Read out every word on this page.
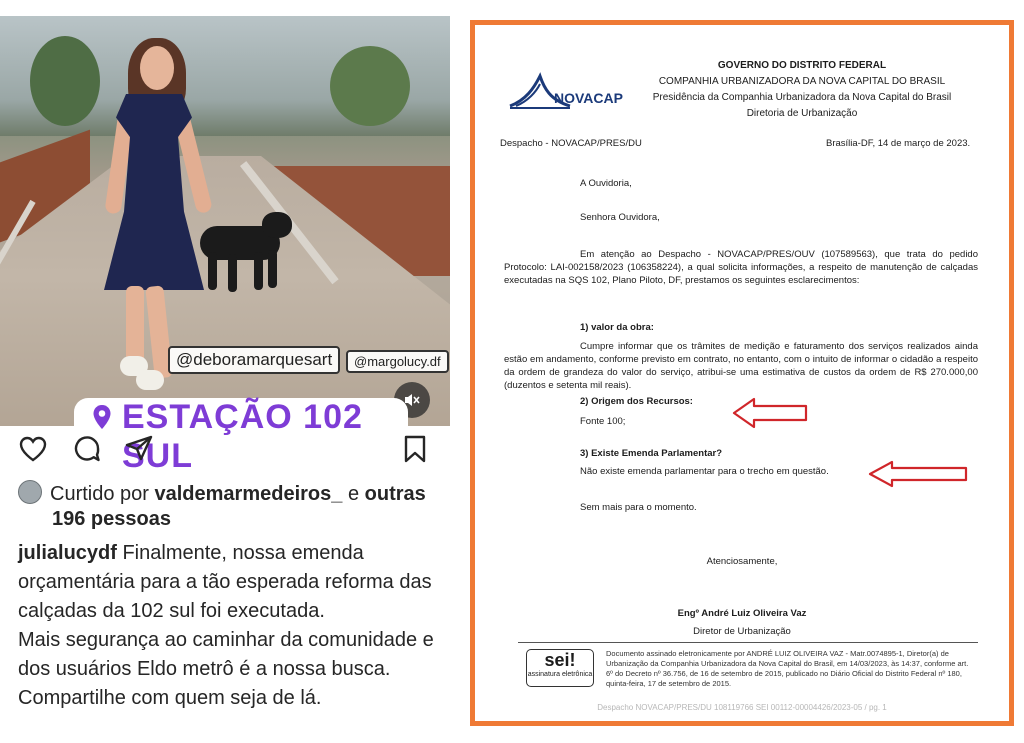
@deboramarquesart	@margolucy.df
ESTAÇÃO 102 SUL
Curtido por valdemarmedeiros_ e outras
196 pessoas

julialucydf Finalmente, nossa emenda

orçamentária para a tão esperada reforma das

calçadas da 102 sul foi executada.

Mais segurança ao caminhar da comunidade e

dos usuários Eldo metrô é a nossa busca.

Compartilhe com quem seja de lá.

NOVACAP
GOVERNO DO DISTRITO FEDERAL
COMPANHIA URBANIZADORA DA NOVA CAPITAL DO BRASIL
Presidência da Companhia Urbanizadora da Nova Capital do Brasil
Diretoria de Urbanização
Despacho - NOVACAP/PRES/DU	Brasília-DF, 14 de março de 2023.
A Ouvidoria,
Senhora Ouvidora,
Em atenção ao Despacho - NOVACAP/PRES/OUV (107589563), que trata do pedido Protocolo: LAI-002158/2023 (106358224), a qual solicita informações, a respeito de manutenção de calçadas executadas na SQS 102, Plano Piloto, DF, prestamos os seguintes esclarecimentos:
1) valor da obra:
Cumpre informar que os trâmites de medição e faturamento dos serviços realizados ainda estão em andamento, conforme previsto em contrato, no entanto, com o intuito de informar o cidadão a respeito da ordem de grandeza do valor do serviço, atribui-se uma estimativa de custos da ordem de R$ 270.000,00 (duzentos e setenta mil reais).
2) Origem dos Recursos:
Fonte 100;
3) Existe Emenda Parlamentar?
Não existe emenda parlamentar para o trecho em questão.
Sem mais para o momento.
Atenciosamente,
Engº André Luiz Oliveira Vaz
Diretor de Urbanização
sei!
assinatura eletrônica
Documento assinado eletronicamente por ANDRÉ LUIZ OLIVEIRA VAZ - Matr.0074895-1, Diretor(a) de Urbanização da Companhia Urbanizadora da Nova Capital do Brasil, em 14/03/2023, às 14:37, conforme art. 6º do Decreto nº 36.756, de 16 de setembro de 2015, publicado no Diário Oficial do Distrito Federal nº 180, quinta-feira, 17 de setembro de 2015.
Despacho NOVACAP/PRES/DU 108119766 SEI 00112-00004426/2023-05 / pg. 1
